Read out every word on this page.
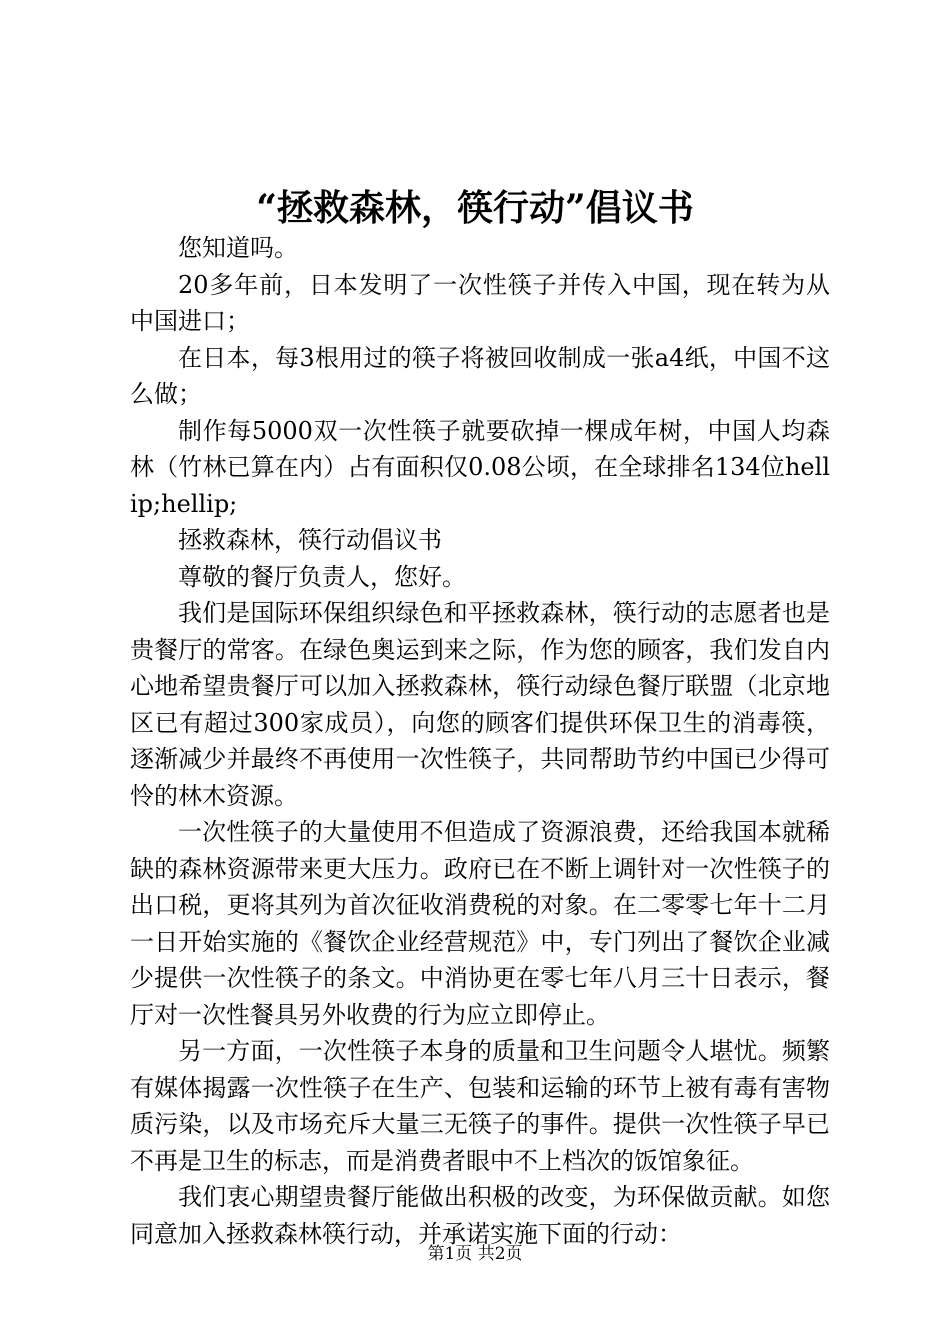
“拯救森林，筷行动”倡议书

您知道吗。

20多年前，日本发明了一次性筷子并传入中国，现在转为从中国进口；

在日本，每3根用过的筷子将被回收制成一张a4纸，中国不这么做；

制作每5000双一次性筷子就要砍掉一棵成年树，中国人均森林（竹林已算在内）占有面积仅0.08公顷，在全球排名134位hellip;hellip;

拯救森林，筷行动倡议书

尊敬的餐厅负责人，您好。

我们是国际环保组织绿色和平拯救森林，筷行动的志愿者也是贵餐厅的常客。在绿色奥运到来之际，作为您的顾客，我们发自内心地希望贵餐厅可以加入拯救森林，筷行动绿色餐厅联盟（北京地区已有超过300家成员），向您的顾客们提供环保卫生的消毒筷，逐渐减少并最终不再使用一次性筷子，共同帮助节约中国已少得可怜的林木资源。

一次性筷子的大量使用不但造成了资源浪费，还给我国本就稀缺的森林资源带来更大压力。政府已在不断上调针对一次性筷子的出口税，更将其列为首次征收消费税的对象。在二零零七年十二月一日开始实施的《餐饮企业经营规范》中，专门列出了餐饮企业减少提供一次性筷子的条文。中消协更在零七年八月三十日表示，餐厅对一次性餐具另外收费的行为应立即停止。

另一方面，一次性筷子本身的质量和卫生问题令人堪忧。频繁有媒体揭露一次性筷子在生产、包装和运输的环节上被有毒有害物质污染，以及市场充斥大量三无筷子的事件。提供一次性筷子早已不再是卫生的标志，而是消费者眼中不上档次的饭馆象征。

我们衷心期望贵餐厅能做出积极的改变，为环保做贡献。如您同意加入拯救森林筷行动，并承诺实施下面的行动：

第1页 共2页
